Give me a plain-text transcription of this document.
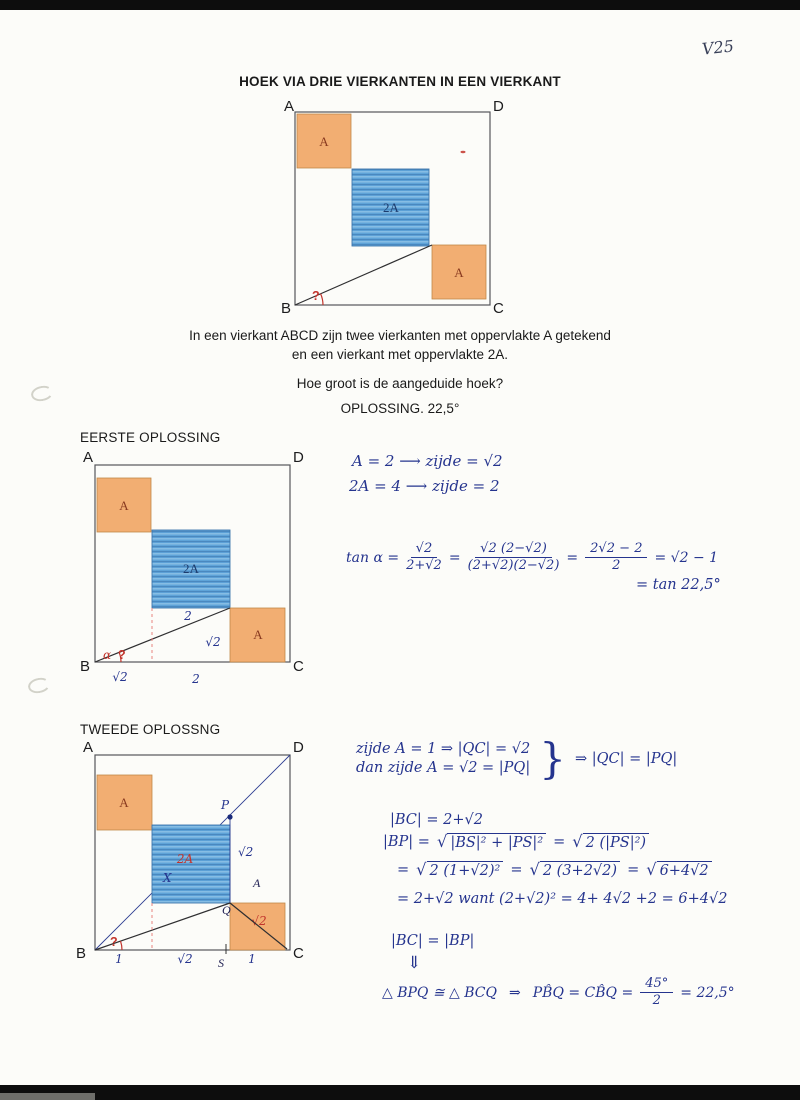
V25
HOEK VIA DRIE VIERKANTEN IN EEN VIERKANT
A	D
B	C
A
2A
A
?
In een vierkant ABCD zijn twee vierkanten met oppervlakte A getekend
en een vierkant met oppervlakte 2A.
Hoe groot is de aangeduide hoek?
OPLOSSING. 22,5°
EERSTE OPLOSSING
A	D
B	C
A
2A
2
A
√2
α ?
√2	2
A = 2 ⟶ zijde = √2
2A = 4 ⟶ zijde = 2
$\tan \alpha = \frac{√2}{2+√2} = \frac{√2 (2-√2)}{(2+√2)(2-√2)} = \frac{2√2 - 2}{2} = √2 - 1$
= tan 22,5°
TWEEDE OPLOSSNG
A	D
B	C
A
2A
√2
P
Q
X
√2
A
?
S
1	√2	1
zijde A = 1 ⇒ |QC| = √2
dan zijde A = √2 = |PQ| } ⇒ |QC| = |PQ|
|BC| = 2+√2
|BP| = √ |BS|² + |PS|² = √ 2 (|PS|²)
= √ 2 (1+√2)² = √ 2 (3+2√2) = √ 6+4√2
= 2+√2 want (2+√2)² = 4+ 4√2 +2 = 6+4√2
|BC| = |BP|
⇓
△ BPQ ≅ △ BCQ ⇒ PB̂Q = CB̂Q = $\frac{45^\circ}{2} = 22,5^\circ$
